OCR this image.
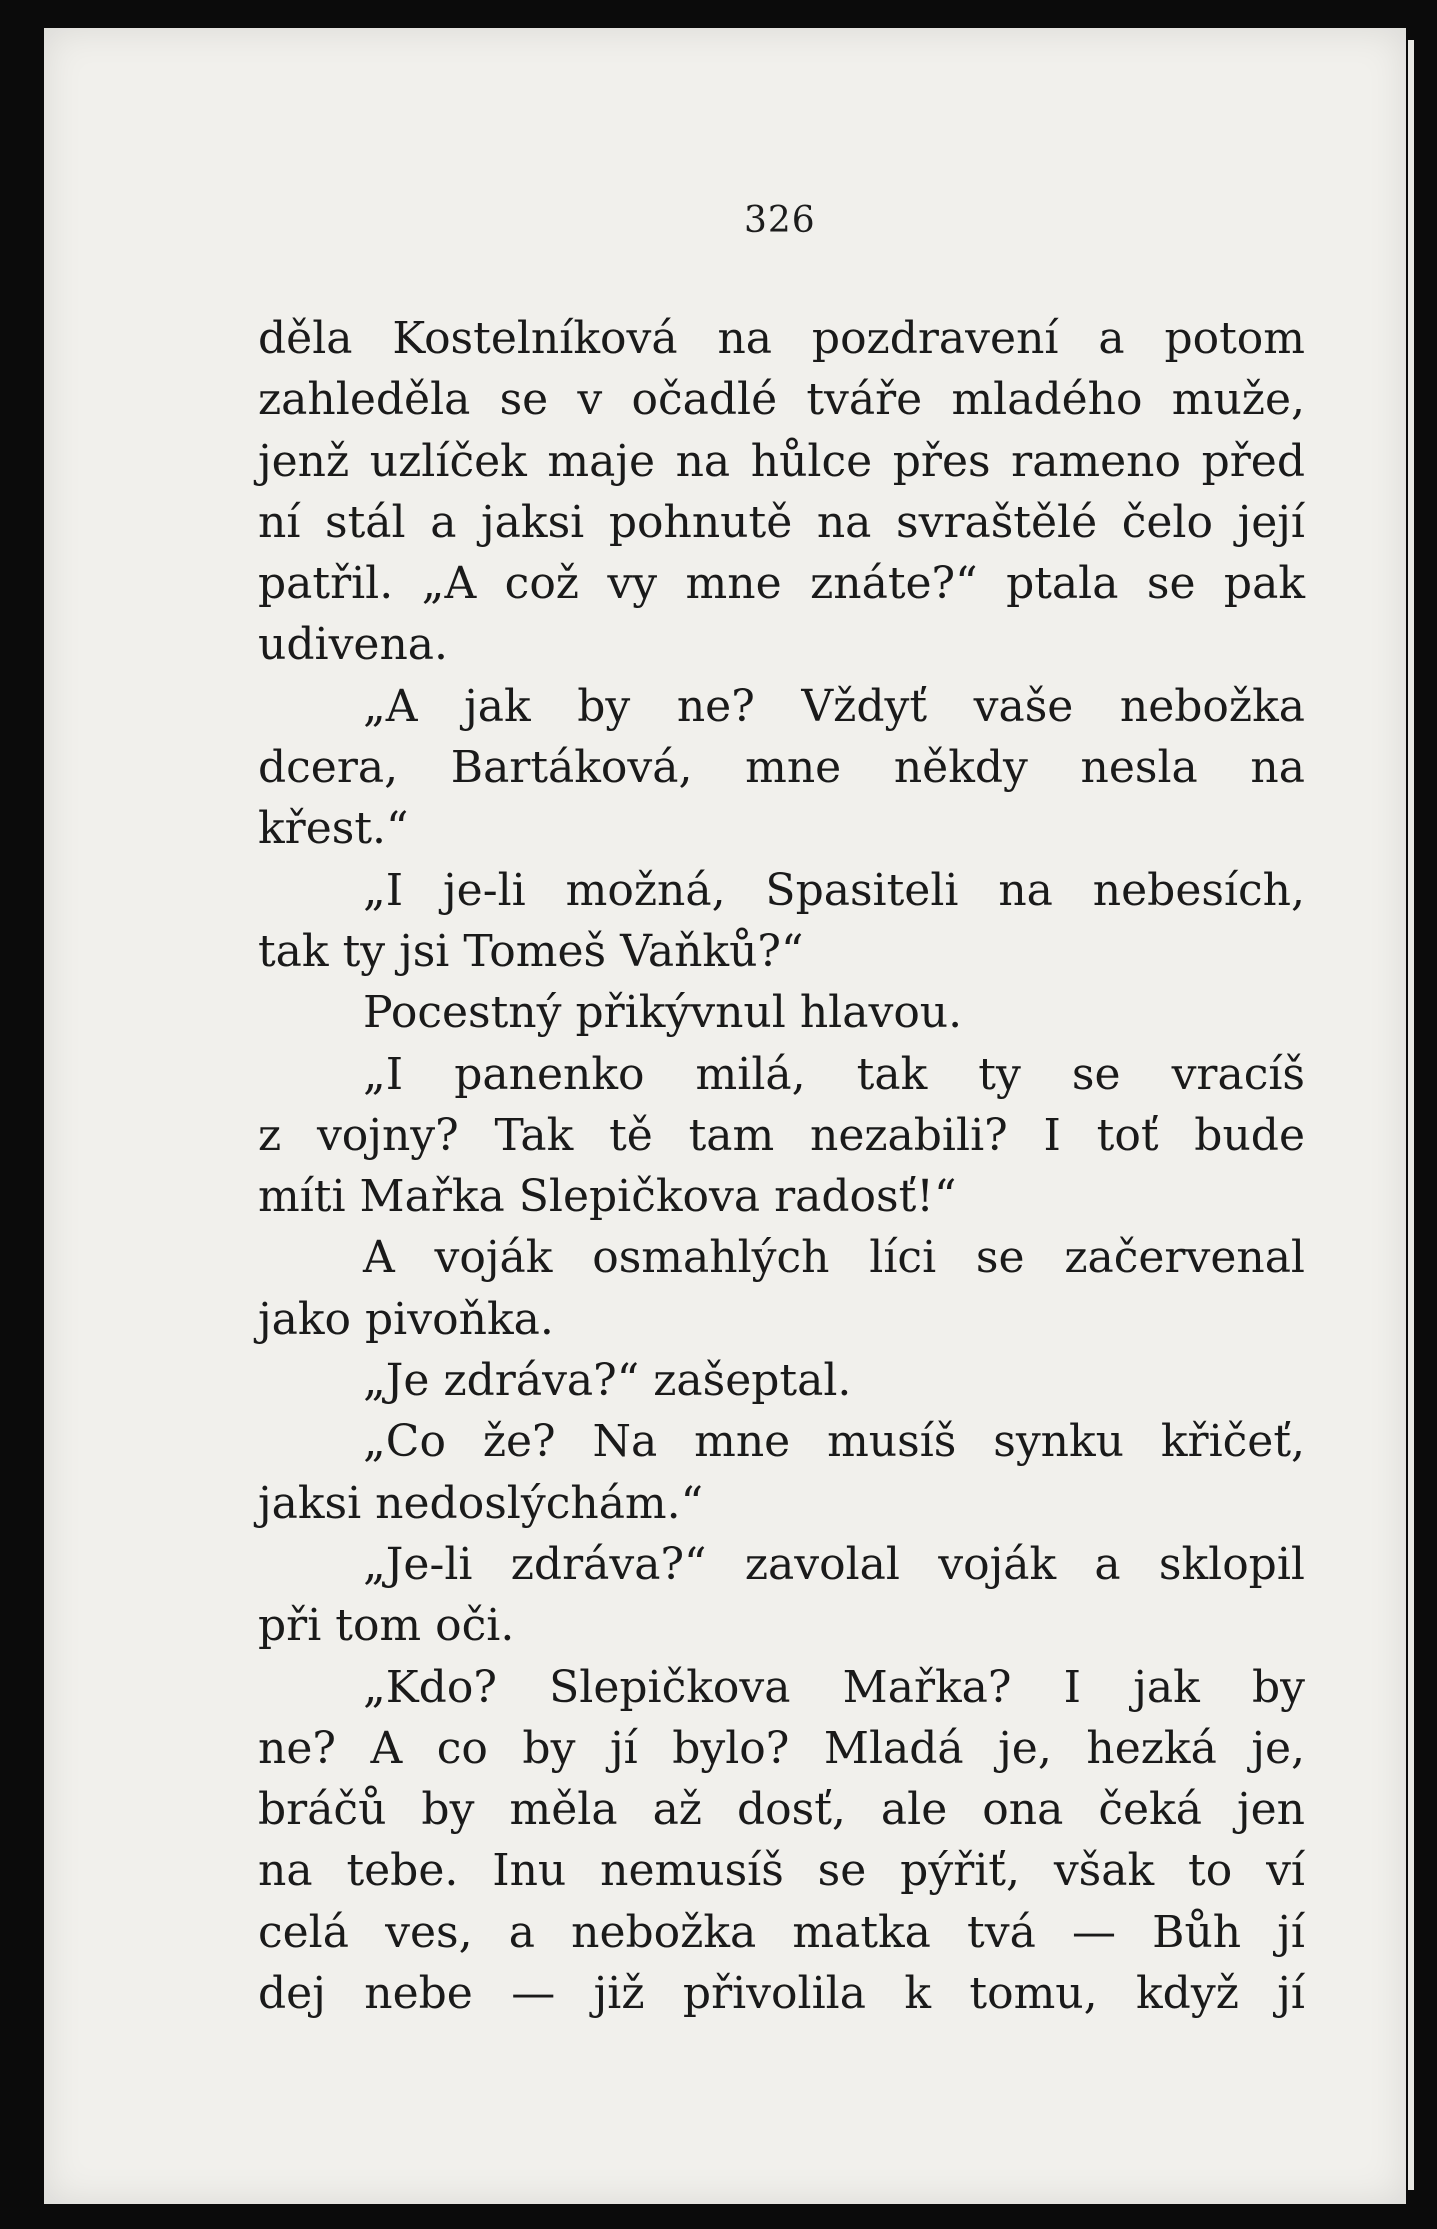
326
děla Kostelníková na pozdravení a potom
zahleděla se v očadlé tváře mladého muže,
jenž uzlíček maje na hůlce přes rameno před
ní stál a jaksi pohnutě na svraštělé čelo její
patřil. „A což vy mne znáte?“ ptala se pak
udivena.
„A jak by ne? Vždyť vaše nebožka
dcera, Bartáková, mne někdy nesla na
křest.“
„I je-li možná, Spasiteli na nebesích,
tak ty jsi Tomeš Vaňků?“
Pocestný přikývnul hlavou.
„I panenko milá, tak ty se vracíš
z vojny? Tak tě tam nezabili? I toť bude
míti Mařka Slepičkova radosť!“
A voják osmahlých líci se začervenal
jako pivoňka.
„Je zdráva?“ zašeptal.
„Co že? Na mne musíš synku křičeť,
jaksi nedoslýchám.“
„Je-li zdráva?“ zavolal voják a sklopil
při tom oči.
„Kdo? Slepičkova Mařka? I jak by
ne? A co by jí bylo? Mladá je, hezká je,
bráčů by měla až dosť, ale ona čeká jen
na tebe. Inu nemusíš se pýřiť, však to ví
celá ves, a nebožka matka tvá — Bůh jí
dej nebe — již přivolila k tomu, když jí
